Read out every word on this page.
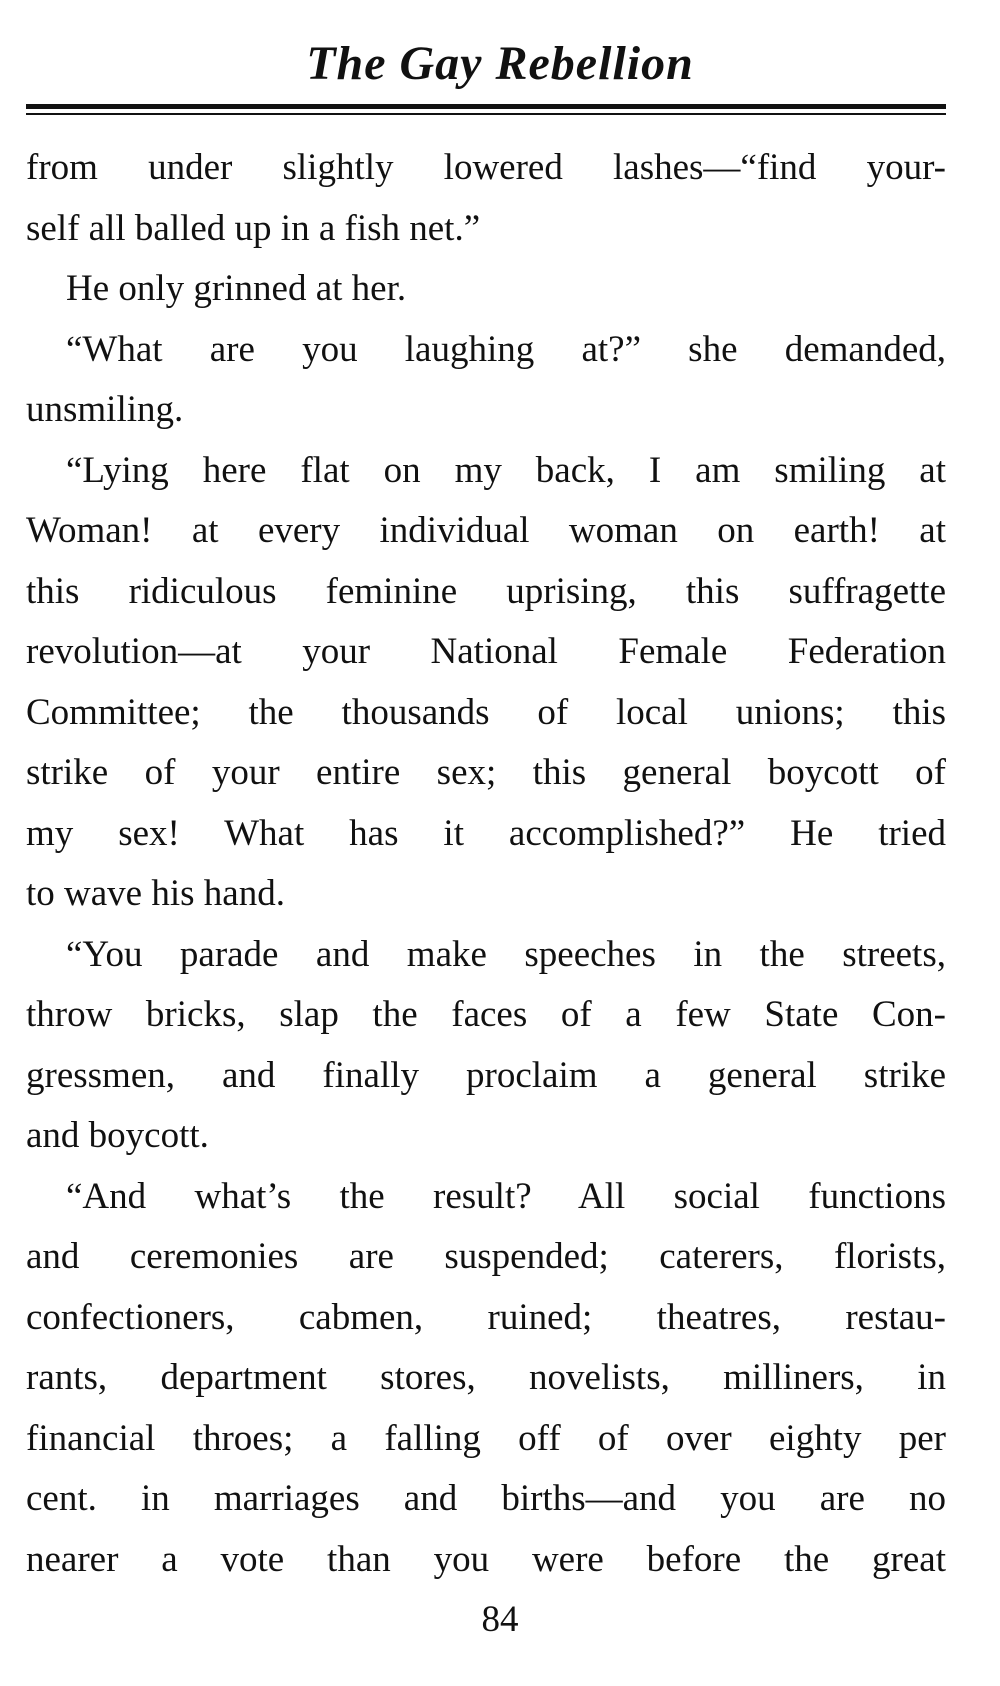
The Gay Rebellion
from under slightly lowered lashes—“find your-
self all balled up in a fish net.”
He only grinned at her.
“What are you laughing at?” she demanded,
unsmiling.
“Lying here flat on my back, I am smiling at
Woman! at every individual woman on earth! at
this ridiculous feminine uprising, this suffragette
revolution—at your National Female Federation
Committee; the thousands of local unions; this
strike of your entire sex; this general boycott of
my sex! What has it accomplished?” He tried
to wave his hand.
“You parade and make speeches in the streets,
throw bricks, slap the faces of a few State Con-
gressmen, and finally proclaim a general strike
and boycott.
“And what’s the result? All social functions
and ceremonies are suspended; caterers, florists,
confectioners, cabmen, ruined; theatres, restau-
rants, department stores, novelists, milliners, in
financial throes; a falling off of over eighty per
cent. in marriages and births—and you are no
nearer a vote than you were before the great
84
